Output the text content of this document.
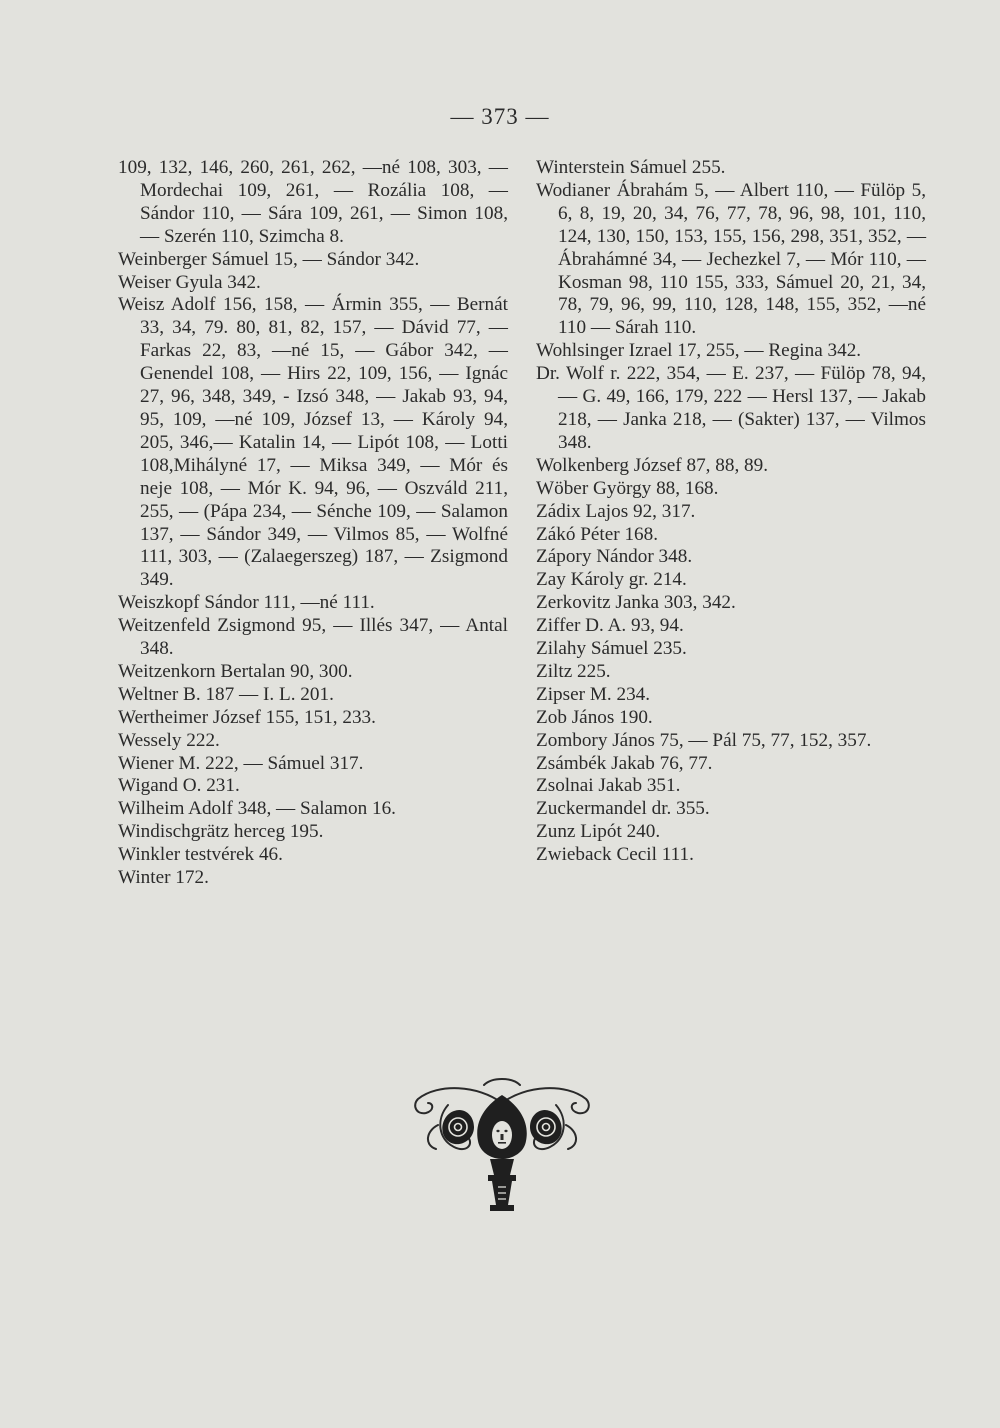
— 373 —
109, 132, 146, 260, 261, 262, —né 108, 303, — Mordechai 109, 261, — Rozália 108, — Sándor 110, — Sára 109, 261, — Simon 108, — Szerén 110, Szimcha 8.
Weinberger Sámuel 15, — Sándor 342.
Weiser Gyula 342.
Weisz Adolf 156, 158, — Ármin 355, — Bernát 33, 34, 79. 80, 81, 82, 157, — Dávid 77, — Farkas 22, 83, —né 15, — Gábor 342, — Genendel 108, — Hirs 22, 109, 156, — Ignác 27, 96, 348, 349, - Izsó 348, — Jakab 93, 94, 95, 109, —né 109, József 13, — Károly 94, 205, 346,— Katalin 14, — Lipót 108, — Lotti 108,Mihályné 17, — Miksa 349, — Mór és neje 108, — Mór K. 94, 96, — Oszváld 211, 255, — (Pápa 234, — Sénche 109, — Salamon 137, — Sándor 349, — Vilmos 85, — Wolfné 111, 303, — (Zalaegerszeg) 187, — Zsigmond 349.
Weiszkopf Sándor 111, —né 111.
Weitzenfeld Zsigmond 95, — Illés 347, — Antal 348.
Weitzenkorn Bertalan 90, 300.
Weltner B. 187 — I. L. 201.
Wertheimer József 155, 151, 233.
Wessely 222.
Wiener M. 222, — Sámuel 317.
Wigand O. 231.
Wilheim Adolf 348, — Salamon 16.
Windischgrätz herceg 195.
Winkler testvérek 46.
Winter 172.
Winterstein Sámuel 255.
Wodianer Ábrahám 5, — Albert 110, — Fülöp 5, 6, 8, 19, 20, 34, 76, 77, 78, 96, 98, 101, 110, 124, 130, 150, 153, 155, 156, 298, 351, 352, — Ábrahámné 34, — Jechezkel 7, — Mór 110, — Kosman 98, 110 155, 333, Sámuel 20, 21, 34, 78, 79, 96, 99, 110, 128, 148, 155, 352, —né 110 — Sárah 110.
Wohlsinger Izrael 17, 255, — Regina 342.
Dr. Wolf r. 222, 354, — E. 237, — Fülöp 78, 94, — G. 49, 166, 179, 222 — Hersl 137, — Jakab 218, — Janka 218, — (Sakter) 137, — Vilmos 348.
Wolkenberg József 87, 88, 89.
Wöber György 88, 168.
Zádix Lajos 92, 317.
Zákó Péter 168.
Zápory Nándor 348.
Zay Károly gr. 214.
Zerkovitz Janka 303, 342.
Ziffer D. A. 93, 94.
Zilahy Sámuel 235.
Ziltz 225.
Zipser M. 234.
Zob János 190.
Zombory János 75, — Pál 75, 77, 152, 357.
Zsámbék Jakab 76, 77.
Zsolnai Jakab 351.
Zuckermandel dr. 355.
Zunz Lipót 240.
Zwieback Cecil 111.
